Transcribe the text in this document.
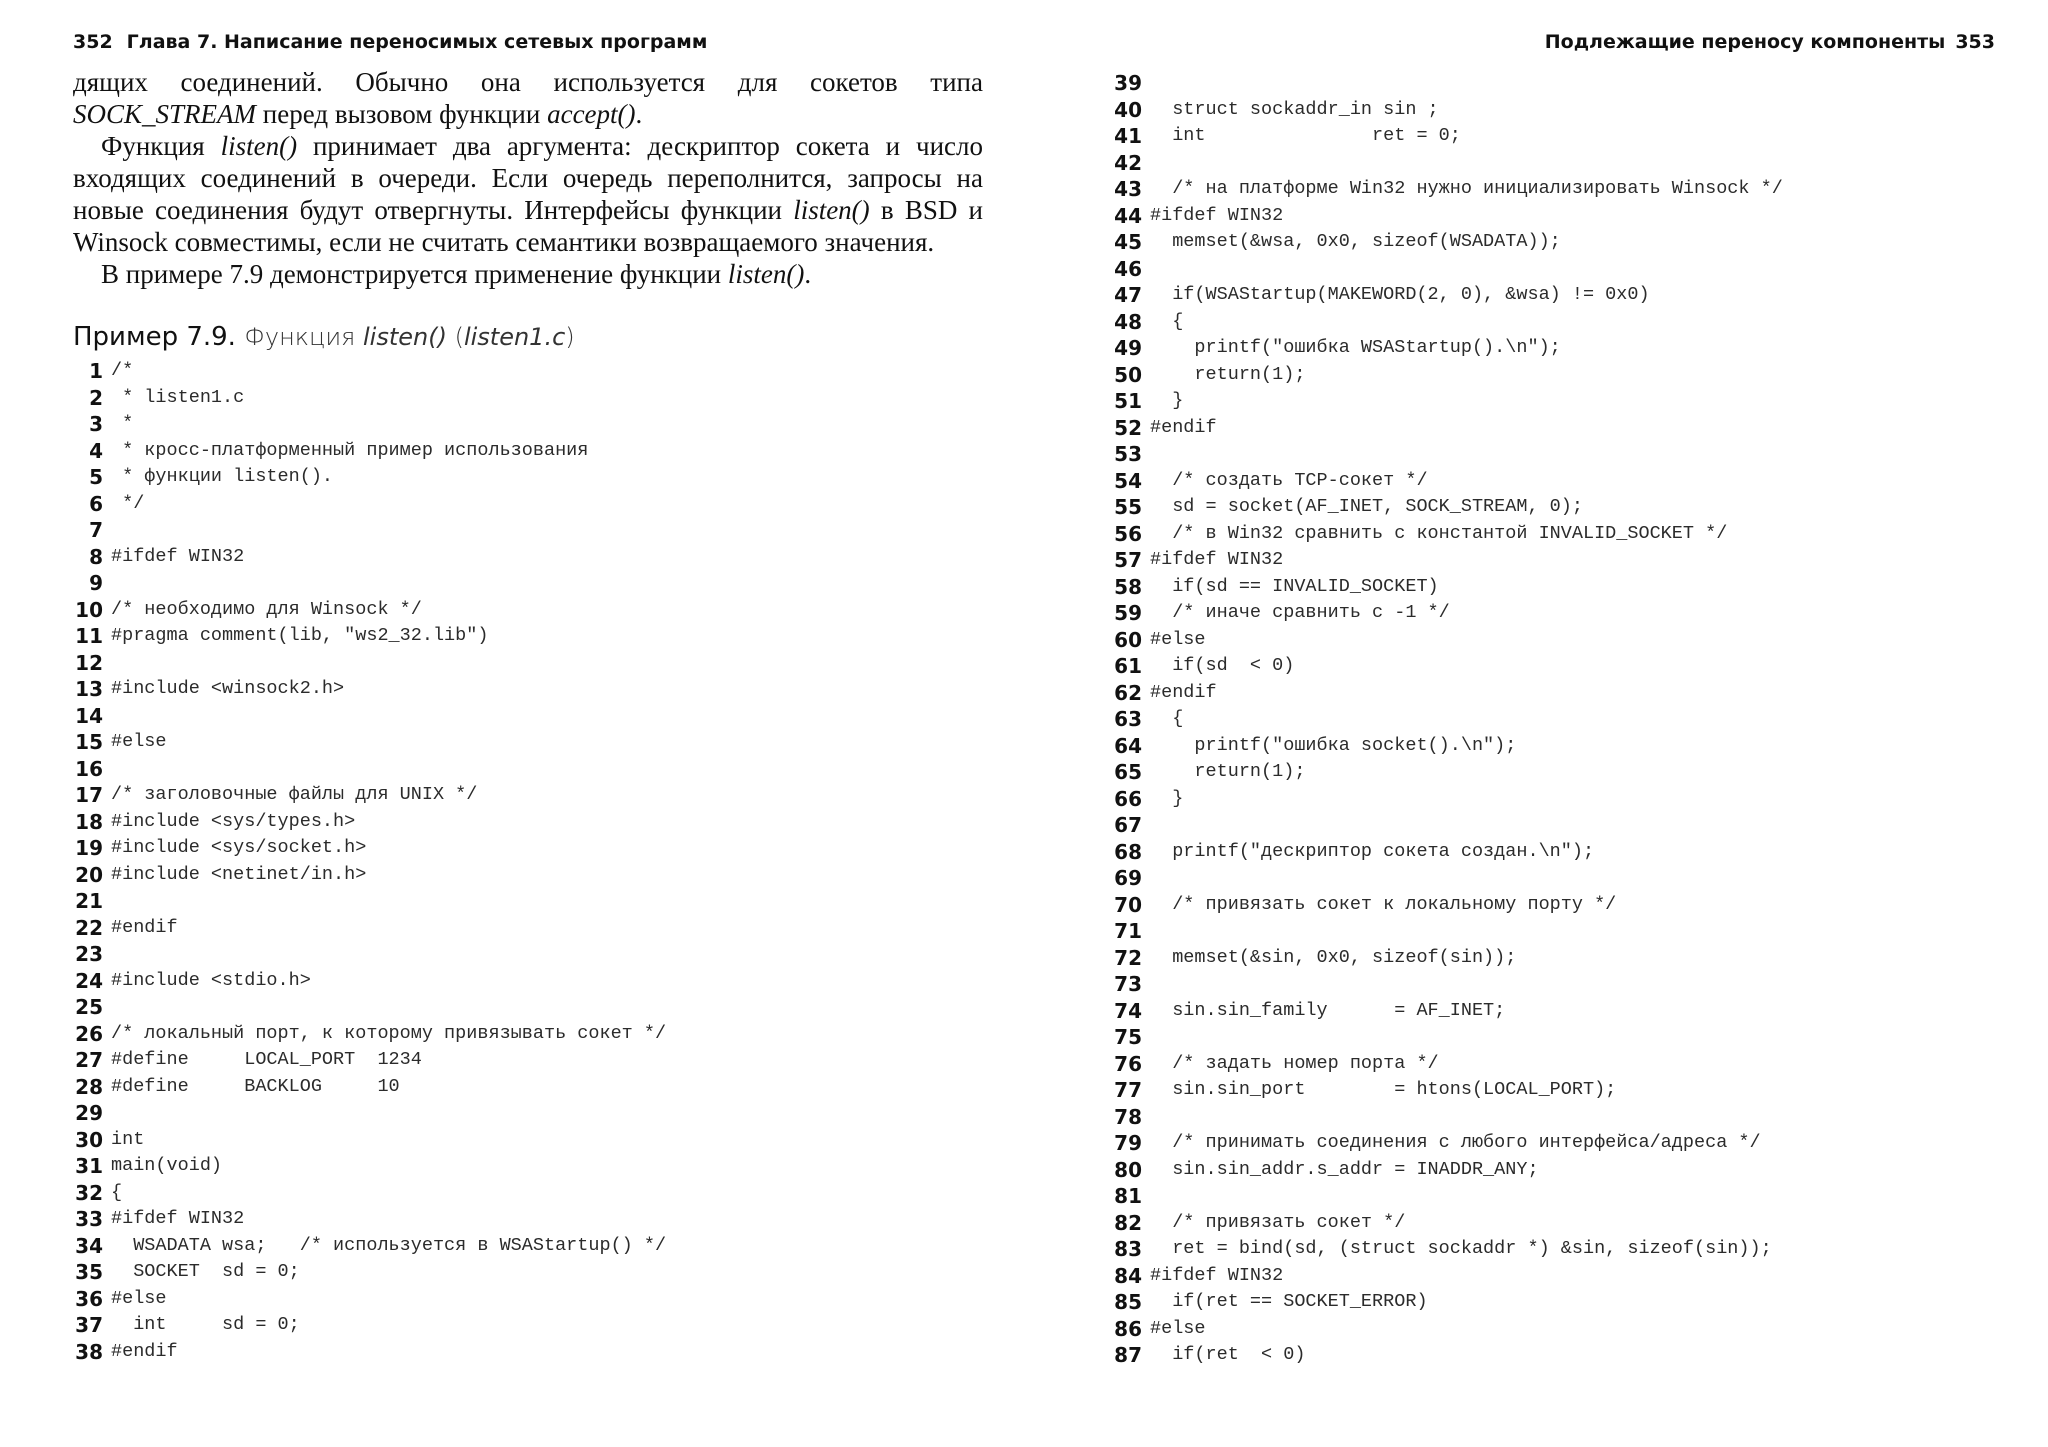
352 Глава 7. Написание переносимых сетевых программ

дящих соединений. Обычно она используется для сокетов типа SOCK_STREAM перед вызовом функции accept().

Функция listen() принимает два аргумента: дескриптор сокета и число входящих соединений в очереди. Если очередь переполнится, запросы на новые соединения будут отвергнуты. Интерфейсы функции listen() в BSD и Winsock совместимы, если не считать семантики возвращаемого значения.

В примере 7.9 демонстрируется применение функции listen().

Пример 7.9. Функция listen() (listen1.c)
1 /*
2 * listen1.c
3 *
4 * кросс-платформенный пример использования
5 * функции listen().
6 */
7
8 #ifdef WIN32
9
10 /* необходимо для Winsock */
11 #pragma comment(lib, "ws2_32.lib")
12
13 #include <winsock2.h>
14
15 #else
16
17 /* заголовочные файлы для UNIX */
18 #include <sys/types.h>
19 #include <sys/socket.h>
20 #include <netinet/in.h>
21
22 #endif
23
24 #include <stdio.h>
25
26 /* локальный порт, к которому привязывать сокет */
27 #define     LOCAL_PORT  1234
28 #define     BACKLOG     10
29
30 int
31 main(void)
32 {
33 #ifdef WIN32
34 WSADATA wsa;   /* используется в WSAStartup() */
35 SOCKET  sd = 0;
36 #else
37 int     sd = 0;
38 #endif
Подлежащие переносу компоненты 353
39
40 struct sockaddr_in sin ;
41 int               ret = 0;
42
43 /* на платформе Win32 нужно инициализировать Winsock */
44 #ifdef WIN32
45 memset(&wsa, 0x0, sizeof(WSADATA));
46
47 if(WSAStartup(MAKEWORD(2, 0), &wsa) != 0x0)
48 {
49 printf("ошибка WSAStartup().\n");
50 return(1);
51 }
52 #endif
53
54 /* создать TCP-сокет */
55 sd = socket(AF_INET, SOCK_STREAM, 0);
56 /* в Win32 сравнить с константой INVALID_SOCKET */
57 #ifdef WIN32
58 if(sd == INVALID_SOCKET)
59 /* иначе сравнить с -1 */
60 #else
61 if(sd  < 0)
62 #endif
63 {
64 printf("ошибка socket().\n");
65 return(1);
66 }
67
68 printf("дескриптор сокета создан.\n");
69
70 /* привязать сокет к локальному порту */
71
72 memset(&sin, 0x0, sizeof(sin));
73
74 sin.sin_family      = AF_INET;
75
76 /* задать номер порта */
77 sin.sin_port        = htons(LOCAL_PORT);
78
79 /* принимать соединения с любого интерфейса/адреса */
80 sin.sin_addr.s_addr = INADDR_ANY;
81
82 /* привязать сокет */
83 ret = bind(sd, (struct sockaddr *) &sin, sizeof(sin));
84 #ifdef WIN32
85 if(ret == SOCKET_ERROR)
86 #else
87 if(ret  < 0)
